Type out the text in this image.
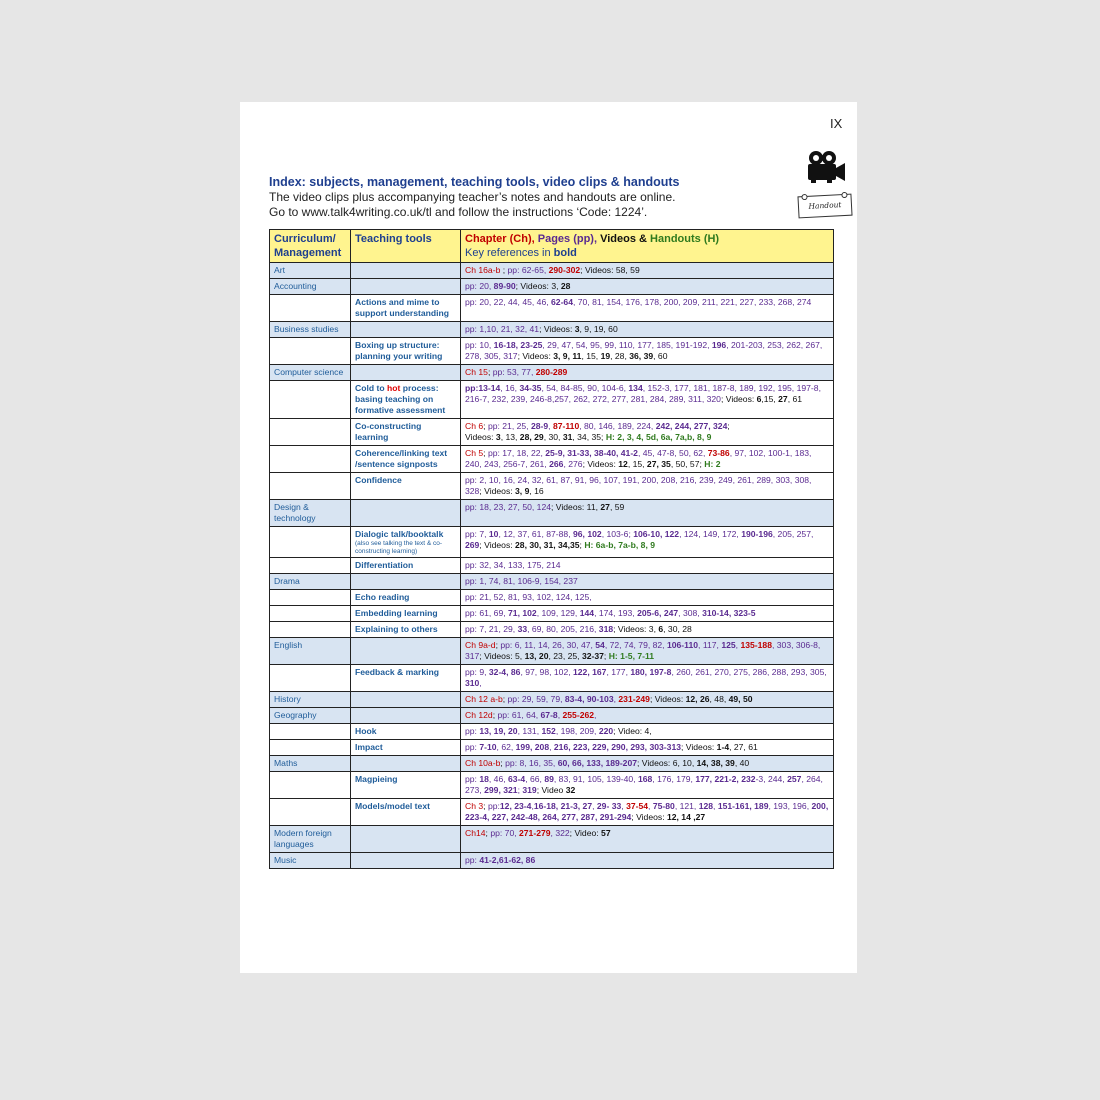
IX
Handout

Index: subjects, management, teaching tools, video clips & handouts

The video clips plus accompanying teacher’s notes and handouts are online.

Go to www.talk4writing.co.uk/tl and follow the instructions ‘Code: 1224’.

Curriculum/ Management	Teaching tools	Chapter (Ch), Pages (pp), Videos & Handouts (H)
Key references in bold
Art		Ch 16a-b ; pp: 62-65, 290-302; Videos: 58, 59
Accounting		pp: 20, 89-90; Videos: 3, 28
	Actions and mime to support understanding	pp: 20, 22, 44, 45, 46, 62-64, 70, 81, 154, 176, 178, 200, 209, 211, 221, 227, 233, 268, 274
Business studies		pp: 1,10, 21, 32, 41; Videos: 3, 9, 19, 60
	Boxing up structure: planning your writing	pp: 10, 16-18, 23-25, 29, 47, 54, 95, 99, 110, 177, 185, 191-192, 196, 201-203, 253, 262, 267, 278, 305, 317; Videos: 3, 9, 11, 15, 19, 28, 36, 39, 60
Computer science		Ch 15; pp: 53, 77, 280-289
	Cold to hot process: basing teaching on formative assessment	pp:13-14, 16, 34-35, 54, 84-85, 90, 104-6, 134, 152-3, 177, 181, 187-8, 189, 192, 195, 197-8, 216-7, 232, 239, 246-8,257, 262, 272, 277, 281, 284, 289, 311, 320; Videos: 6,15, 27, 61
	Co-constructing learning	Ch 6; pp: 21, 25, 28-9, 87-110, 80, 146, 189, 224, 242, 244, 277, 324;
Videos: 3, 13, 28, 29, 30, 31, 34, 35; H: 2, 3, 4, 5d, 6a, 7a,b, 8, 9
	Coherence/linking text /sentence signposts	Ch 5; pp: 17, 18, 22, 25-9, 31-33, 38-40, 41-2, 45, 47-8, 50, 62, 73-86, 97, 102, 100-1, 183, 240, 243, 256-7, 261, 266, 276; Videos: 12, 15, 27, 35, 50, 57; H: 2
	Confidence	pp: 2, 10, 16, 24, 32, 61, 87, 91, 96, 107, 191, 200, 208, 216, 239, 249, 261, 289, 303, 308, 328; Videos: 3, 9, 16
Design & technology		pp: 18, 23, 27, 50, 124; Videos: 11, 27, 59
	Dialogic talk/booktalk
(also see talking the text & co-constructing learning)	pp: 7, 10, 12, 37, 61, 87-88, 96, 102, 103-6; 106-10, 122, 124, 149, 172, 190-196, 205, 257, 269; Videos: 28, 30, 31, 34,35; H: 6a-b, 7a-b, 8, 9
	Differentiation	pp: 32, 34, 133, 175, 214
Drama		pp: 1, 74, 81, 106-9, 154, 237
	Echo reading	pp: 21, 52, 81, 93, 102, 124, 125,
	Embedding learning	pp: 61, 69, 71, 102, 109, 129, 144, 174, 193, 205-6, 247, 308, 310-14, 323-5
	Explaining to others	pp: 7, 21, 29, 33, 69, 80, 205, 216, 318; Videos: 3, 6, 30, 28
English		Ch 9a-d; pp: 6, 11, 14, 26, 30, 47, 54, 72, 74, 79, 82, 106-110, 117, 125, 135-188, 303, 306-8, 317; Videos: 5, 13, 20, 23, 25, 32-37; H: 1-5, 7-11
	Feedback & marking	pp: 9, 32-4, 86, 97, 98, 102, 122, 167, 177, 180, 197-8, 260, 261, 270, 275, 286, 288, 293, 305, 310,
History		Ch 12 a-b; pp: 29, 59, 79, 83-4, 90-103, 231-249; Videos: 12, 26, 48, 49, 50
Geography		Ch 12d; pp: 61, 64, 67-8, 255-262,
	Hook	pp: 13, 19, 20, 131, 152, 198, 209, 220; Video: 4,
	Impact	pp: 7-10, 62, 199, 208, 216, 223, 229, 290, 293, 303-313; Videos: 1-4, 27, 61
Maths		Ch 10a-b; pp: 8, 16, 35, 60, 66, 133, 189-207; Videos: 6, 10, 14, 38, 39, 40
	Magpieing	pp: 18, 46, 63-4, 66, 89, 83, 91, 105, 139-40, 168, 176, 179, 177, 221-2, 232-3, 244, 257, 264, 273, 299, 321; 319; Video 32
	Models/model text	Ch 3; pp:12, 23-4,16-18, 21-3, 27, 29- 33, 37-54, 75-80, 121, 128, 151-161, 189, 193, 196, 200, 223-4, 227, 242-48, 264, 277, 287, 291-294; Videos: 12, 14 ,27
Modern foreign languages		Ch14; pp: 70, 271-279, 322; Video: 57
Music		pp: 41-2,61-62, 86
